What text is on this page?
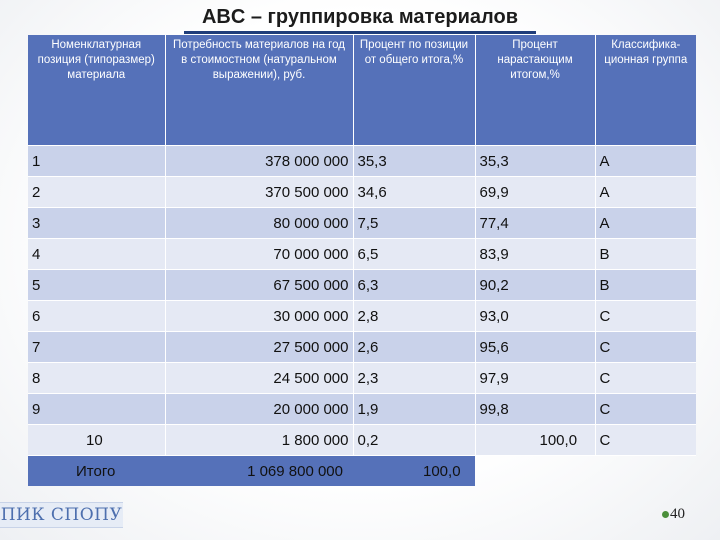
ABC – группировка материалов
Номенклатурная позиция (типоразмер) материала	Потребность материалов на год в стоимостном (натуральном выражении), руб.	Процент по позиции от общего итога,%	Процент нарастающим итогом,%	Классифика-ционная группа
1	378 000 000	35,3	35,3	A
2	370 500 000	34,6	69,9	A
3	80 000 000	7,5	77,4	A
4	70 000 000	6,5	83,9	B
5	67 500 000	6,3	90,2	B
6	30 000 000	2,8	93,0	C
7	27 500 000	2,6	95,6	C
8	24 500 000	2,3	97,9	C
9	20 000 000	1,9	99,8	C
10	1 800 000	0,2	100,0	C
Итого	1 069 800 000	100,0		
ПИК СПОПУ	40
